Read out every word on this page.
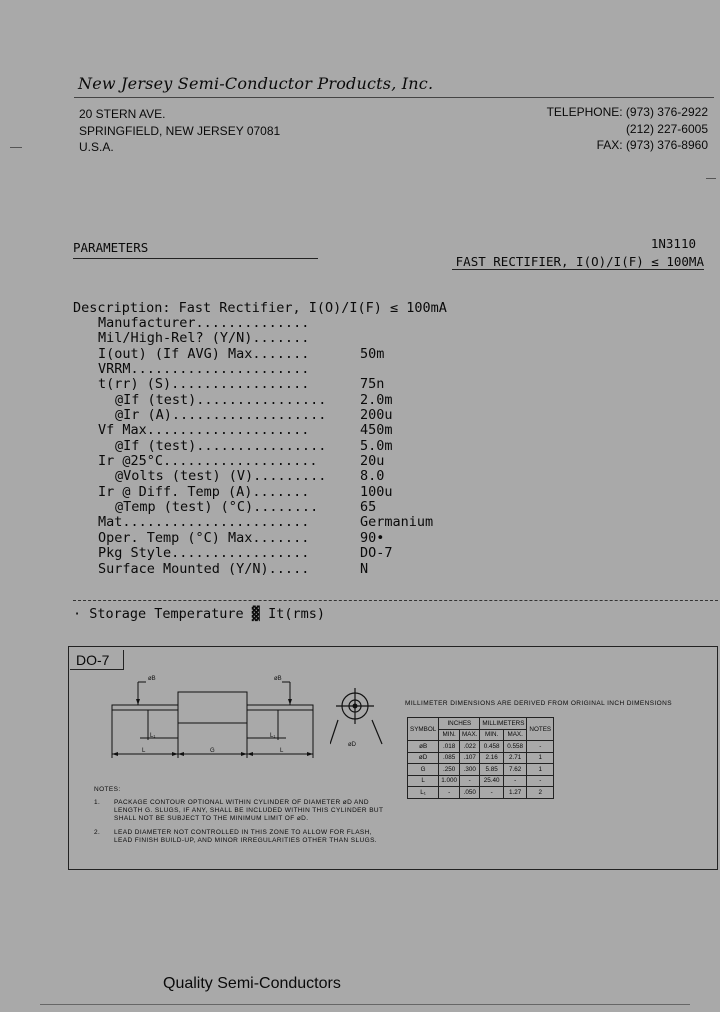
New Jersey Semi-Conductor Products, Inc.
20 STERN AVE.
SPRINGFIELD, NEW JERSEY 07081
U.S.A.
TELEPHONE: (973) 376-2922
(212) 227-6005
FAX: (973) 376-8960
PARAMETERS	1N3110
FAST RECTIFIER, I(O)/I(F) ≤ 100MA
Description: Fast Rectifier, I(O)/I(F) ≤ 100mA
Manufacturer..............
Mil/High-Rel? (Y/N).......
I(out) (If AVG) Max.......	50m
VRRM......................
t(rr) (S).................	75n
@If (test)................ 2.0m
@Ir (A)................... 200u
Vf Max....................	450m
@If (test)................ 5.0m
Ir @25°C...................	20u
@Volts (test) (V)......... 8.0
Ir @ Diff. Temp (A).......	100u
@Temp (test) (°C)........	65
Mat.......................	Germanium
Oper. Temp (°C) Max.......	90•
Pkg Style.................	DO-7
Surface Mounted (Y/N).....	N
· Storage Temperature ▓ It(rms)
DO-7
øB	øB
L₁	L₁
L	G	L
øD
MILLIMETER DIMENSIONS ARE DERIVED FROM ORIGINAL INCH DIMENSIONS
SYMBOL	INCHES		MILLIMETERS		NOTES
	MIN.	MAX.	MIN.	MAX.	
øB	.018	.022	0.458	0.558	-
øD	.085	.107	2.16	2.71	1
G	.250	.300	5.85	7.62	1
L	1.000	-	25.40	-	-
L₁	-	.050	-	1.27	2
NOTES:
1. PACKAGE CONTOUR OPTIONAL WITHIN CYLINDER OF DIAMETER øD AND LENGTH G. SLUGS, IF ANY, SHALL BE INCLUDED WITHIN THIS CYLINDER BUT SHALL NOT BE SUBJECT TO THE MINIMUM LIMIT OF øD.
2. LEAD DIAMETER NOT CONTROLLED IN THIS ZONE TO ALLOW FOR FLASH, LEAD FINISH BUILD-UP, AND MINOR IRREGULARITIES OTHER THAN SLUGS.
Quality Semi-Conductors
